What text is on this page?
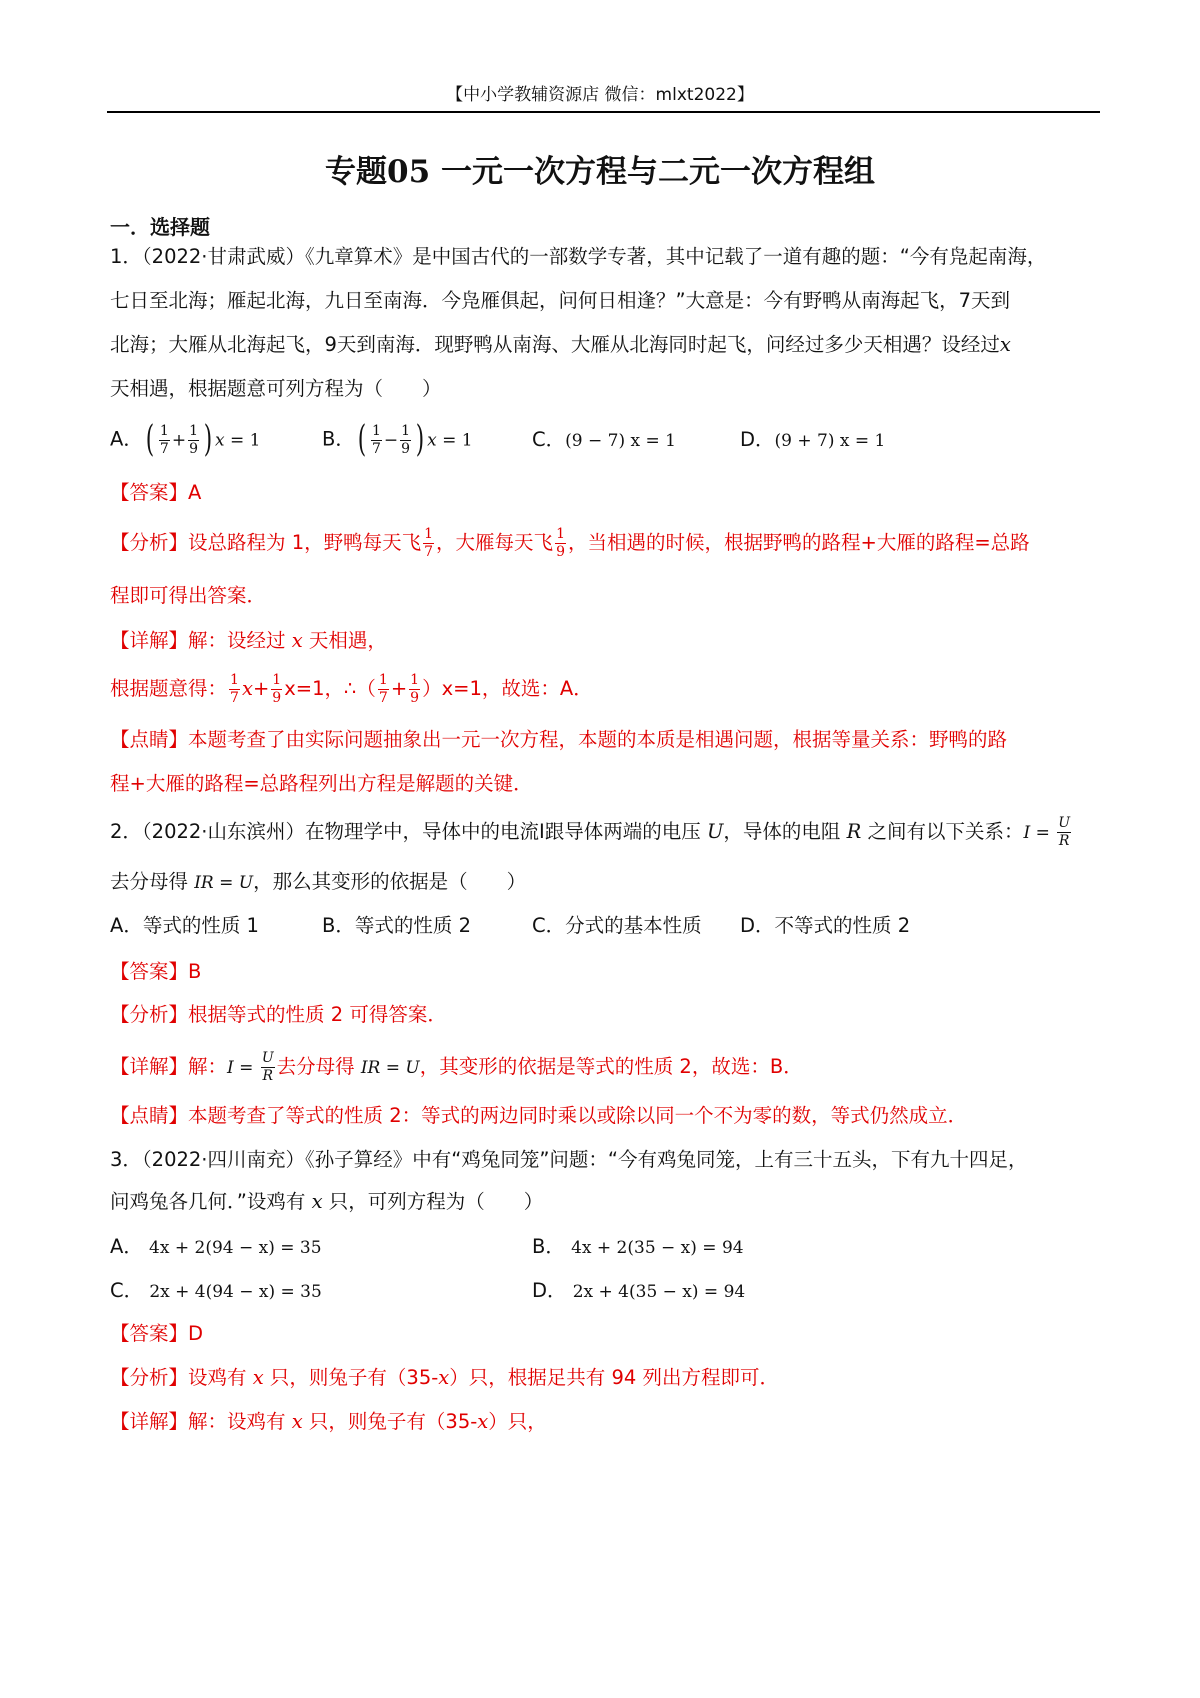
【中小学教辅资源店 微信：mlxt2022】
专题05 一元一次方程与二元一次方程组
一．选择题
1．（2022·甘肃武威）《九章算术》是中国古代的一部数学专著，其中记载了一道有趣的题：“今有凫起南海，
七日至北海；雁起北海，九日至南海．今凫雁俱起，问何日相逢？”大意是：今有野鸭从南海起飞，7天到
北海；大雁从北海起飞，9天到南海．现野鸭从南海、大雁从北海同时起飞，问经过多少天相遇？设经过x
天相遇，根据题意可列方程为（　　）
A．( $\frac{1}{7} + \frac{1}{9}$ ) x = 1	B．( $\frac{1}{7} - \frac{1}{9}$ ) x = 1	C．(9 − 7) x = 1	D．(9 + 7) x = 1
【答案】A
【分析】设总路程为 1，野鸭每天飞 $\frac{1}{7}$ ，大雁每天飞 $\frac{1}{9}$ ，当相遇的时候，根据野鸭的路程+大雁的路程=总路
程即可得出答案．
【详解】解：设经过 x 天相遇，
根据题意得： $\frac{1}{7} x+ \frac{1}{9} x=1$，∴（ $\frac{1}{7} + \frac{1}{9} )x=1$，故选：A．
【点睛】本题考查了由实际问题抽象出一元一次方程，本题的本质是相遇问题，根据等量关系：野鸭的路
程+大雁的路程=总路程列出方程是解题的关键．
2．（2022·山东滨州）在物理学中，导体中的电流Ⅰ跟导体两端的电压 U，导体的电阻 R 之间有以下关系：$I = \frac{U}{R}$
去分母得 IR = U，那么其变形的依据是（　　）
A．等式的性质 1	B．等式的性质 2	C．分式的基本性质 D．不等式的性质 2
【答案】B
【分析】根据等式的性质 2 可得答案．
【详解】解：$I = \frac{U}{R}$ 去分母得 IR = U，其变形的依据是等式的性质 2，故选：B．
【点睛】本题考查了等式的性质 2：等式的两边同时乘以或除以同一个不为零的数，等式仍然成立．
3．（2022·四川南充）《孙子算经》中有“鸡兔同笼”问题：“今有鸡兔同笼，上有三十五头，下有九十四足，
问鸡兔各几何．”设鸡有 x 只，可列方程为（　　）
A． 4x + 2(94 − x) = 35	B． 4x + 2(35 − x) = 94
C． 2x + 4(94 − x) = 35	D． 2x + 4(35 − x) = 94
【答案】D
【分析】设鸡有 x 只，则兔子有（35-x）只，根据足共有 94 列出方程即可．
【详解】解：设鸡有 x 只，则兔子有（35-x）只，
